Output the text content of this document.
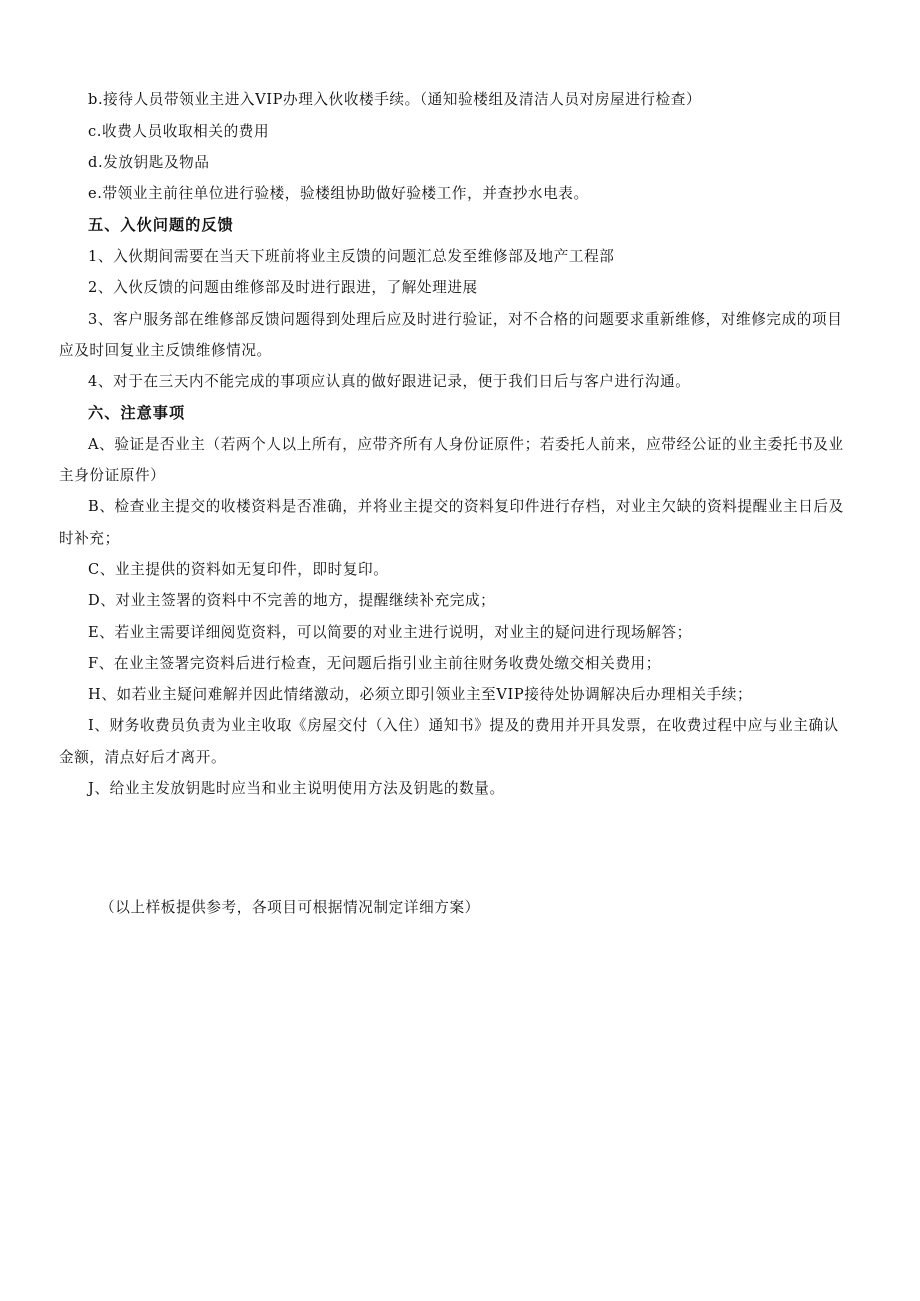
b.接待人员带领业主进入VIP办理入伙收楼手续。（通知验楼组及清洁人员对房屋进行检查）
c.收费人员收取相关的费用
d.发放钥匙及物品
e.带领业主前往单位进行验楼，验楼组协助做好验楼工作，并查抄水电表。
五、入伙问题的反馈
1、入伙期间需要在当天下班前将业主反馈的问题汇总发至维修部及地产工程部
2、入伙反馈的问题由维修部及时进行跟进，了解处理进展
3、客户服务部在维修部反馈问题得到处理后应及时进行验证，对不合格的问题要求重新维修，对维修完成的项目
应及时回复业主反馈维修情况。
4、对于在三天内不能完成的事项应认真的做好跟进记录，便于我们日后与客户进行沟通。
六、注意事项
A、验证是否业主（若两个人以上所有，应带齐所有人身份证原件；若委托人前来，应带经公证的业主委托书及业
主身份证原件）
B、检查业主提交的收楼资料是否准确，并将业主提交的资料复印件进行存档，对业主欠缺的资料提醒业主日后及
时补充；
C、业主提供的资料如无复印件，即时复印。
D、对业主签署的资料中不完善的地方，提醒继续补充完成；
E、若业主需要详细阅览资料，可以简要的对业主进行说明，对业主的疑问进行现场解答；
F、在业主签署完资料后进行检查，无问题后指引业主前往财务收费处缴交相关费用；
H、如若业主疑问难解并因此情绪激动，必须立即引领业主至VIP接待处协调解决后办理相关手续；
I、财务收费员负责为业主收取《房屋交付（入住）通知书》提及的费用并开具发票，在收费过程中应与业主确认
金额，清点好后才离开。
J、给业主发放钥匙时应当和业主说明使用方法及钥匙的数量。
（以上样板提供参考，各项目可根据情况制定详细方案）
